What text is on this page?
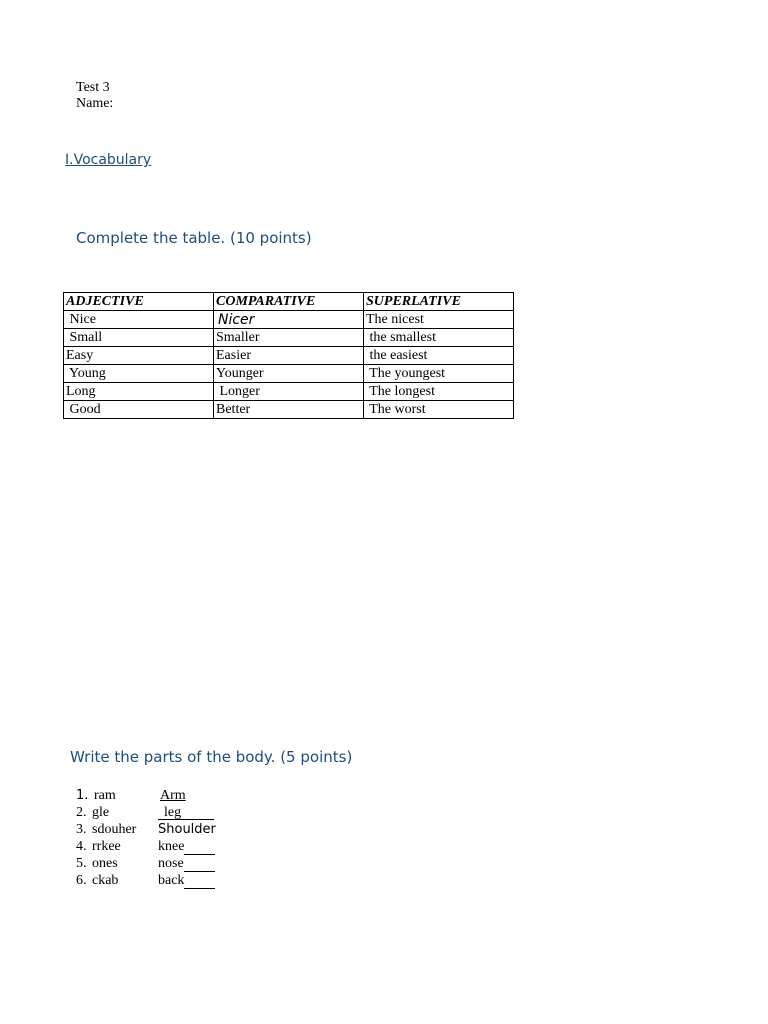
Test 3
Name:
I.Vocabulary
Complete the table. (10 points)
ADJECTIVE	COMPARATIVE	SUPERLATIVE
Nice	Nicer	The nicest
Small	Smaller	the smallest
Easy	Easier	the easiest
Young	Younger	The youngest
Long	Longer	The longest
Good	Better	The worst
Write the parts of the body. (5 points)
1. ram	Arm
2. gle	leg
3. sdouher	Shoulder
4. rrkee	knee
5. ones	nose
6. ckab	back
